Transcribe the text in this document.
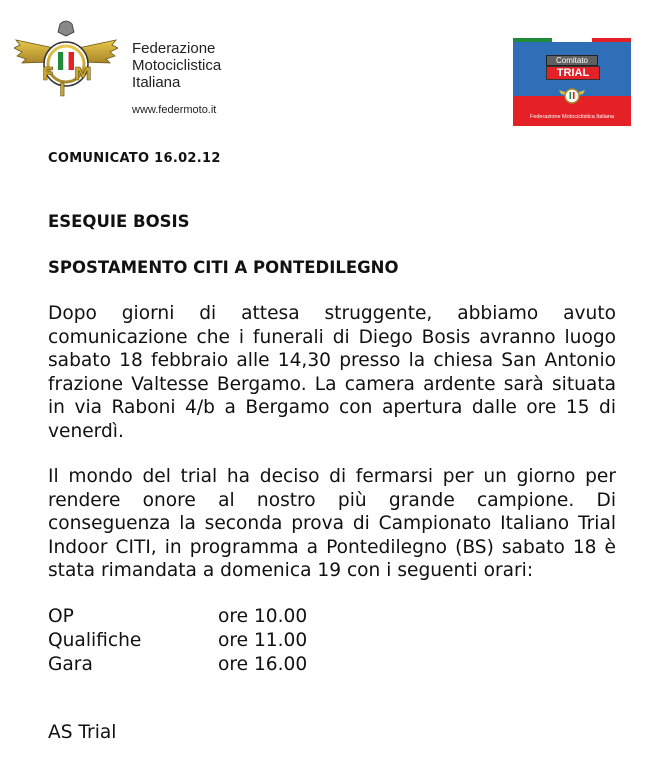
F
I
M
Federazione
Motociclistica
Italiana
www.federmoto.it
Comitato
TRIAL
Federazione Motociclistica Italiana
COMUNICATO 16.02.12
ESEQUIE BOSIS
SPOSTAMENTO CITI A PONTEDILEGNO

Dopo giorni di attesa struggente, abbiamo avuto comunicazione che i funerali di Diego Bosis avranno luogo sabato 18 febbraio alle 14,30 presso la chiesa San Antonio frazione Valtesse Bergamo. La camera ardente sarà situata in via Raboni 4/b a Bergamo con apertura dalle ore 15 di venerdì.

Il mondo del trial ha deciso di fermarsi per un giorno per rendere onore al nostro più grande campione. Di conseguenza la seconda prova di Campionato Italiano Trial Indoor CITI, in programma a Pontedilegno (BS) sabato 18 è stata rimandata a domenica 19 con i seguenti orari:

OP	ore 10.00
Qualifiche	ore 11.00
Gara	ore 16.00
AS Trial
